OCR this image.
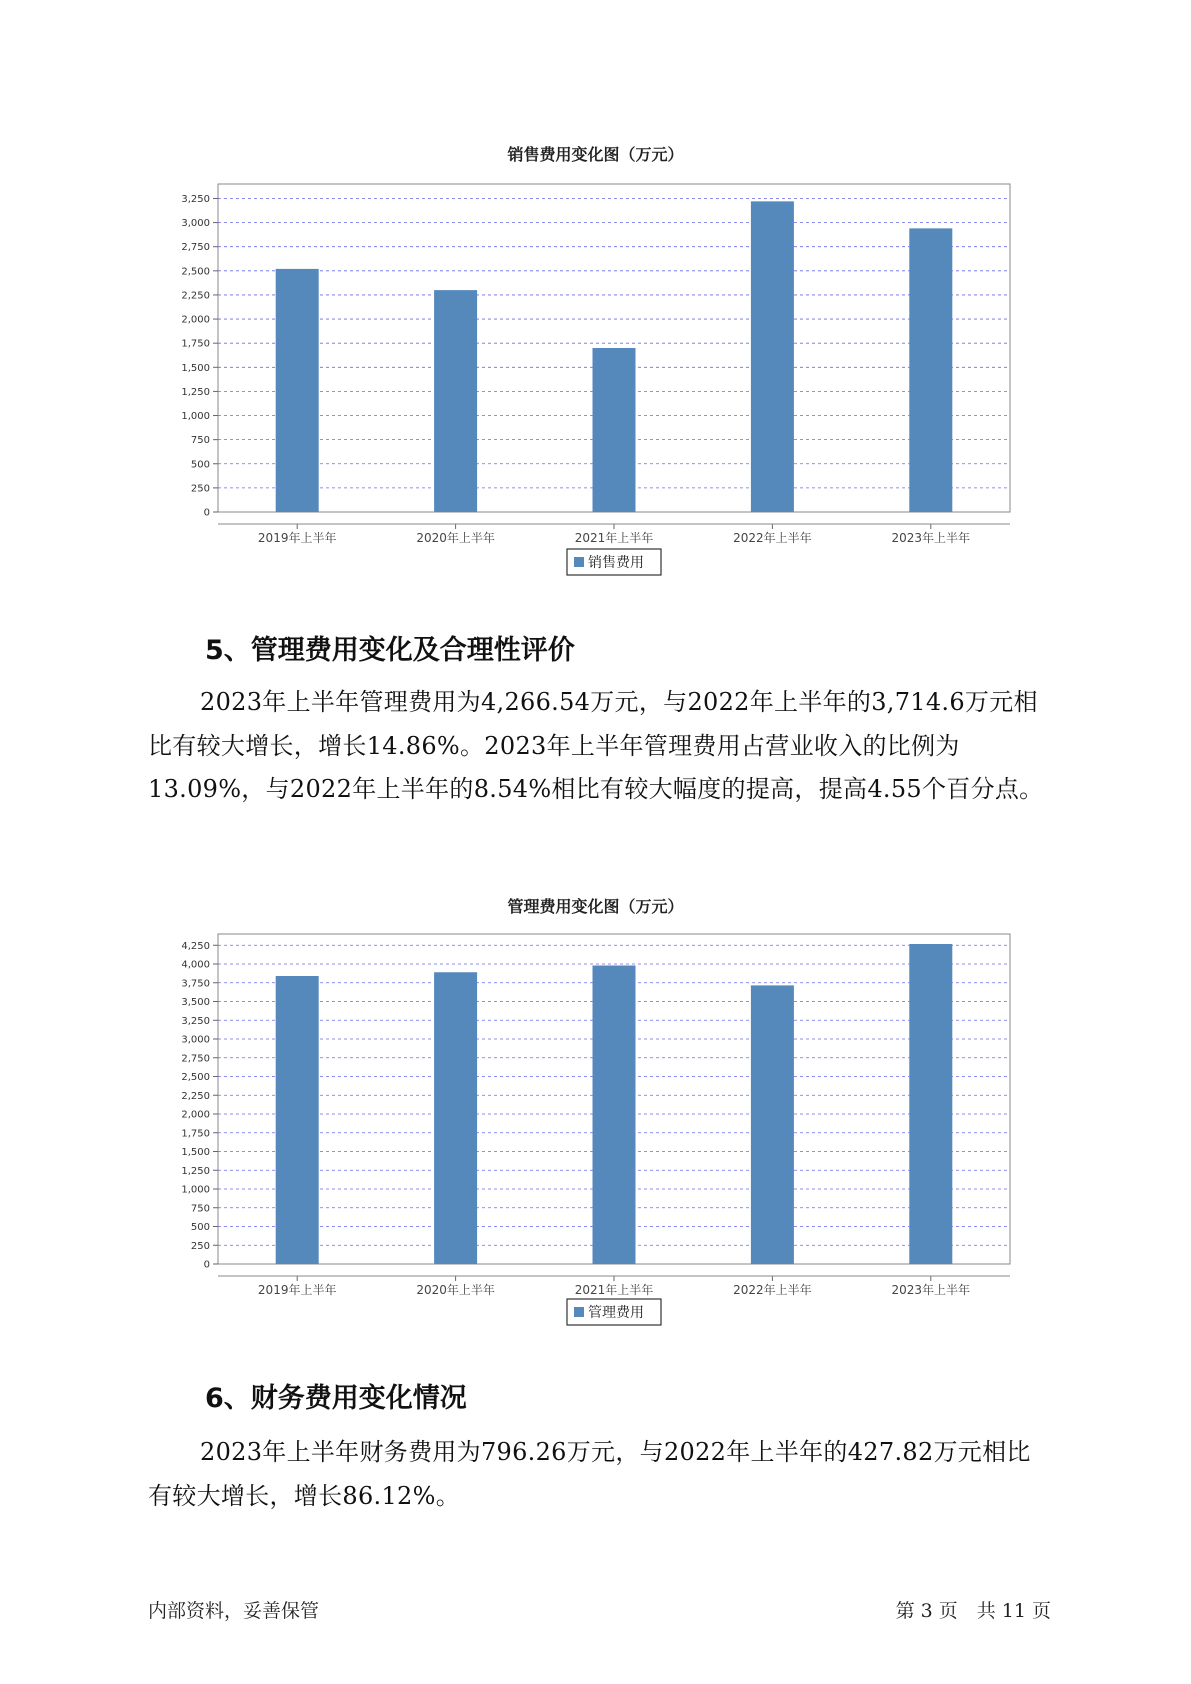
销售费用变化图（万元）
0
250
500
750
1,000
1,250
1,500
1,750
2,000
2,250
2,500
2,750
3,000
3,250
2019年上半年	2020年上半年	2021年上半年	2022年上半年	2023年上半年
销售费用
5、管理费用变化及合理性评价

2023年上半年管理费用为4,266.54万元，与2022年上半年的3,714.6万元相比有较大增长，增长14.86%。2023年上半年管理费用占营业收入的比例为13.09%，与2022年上半年的8.54%相比有较大幅度的提高，提高4.55个百分点。

管理费用变化图（万元）
0
250
500
750
1,000
1,250
1,500
1,750
2,000
2,250
2,500
2,750
3,000
3,250
3,500
3,750
4,000
4,250
2019年上半年	2020年上半年	2021年上半年	2022年上半年	2023年上半年
管理费用
6、财务费用变化情况

2023年上半年财务费用为796.26万元，与2022年上半年的427.82万元相比有较大增长，增长86.12%。

内部资料，妥善保管	第 3 页　共 11 页
